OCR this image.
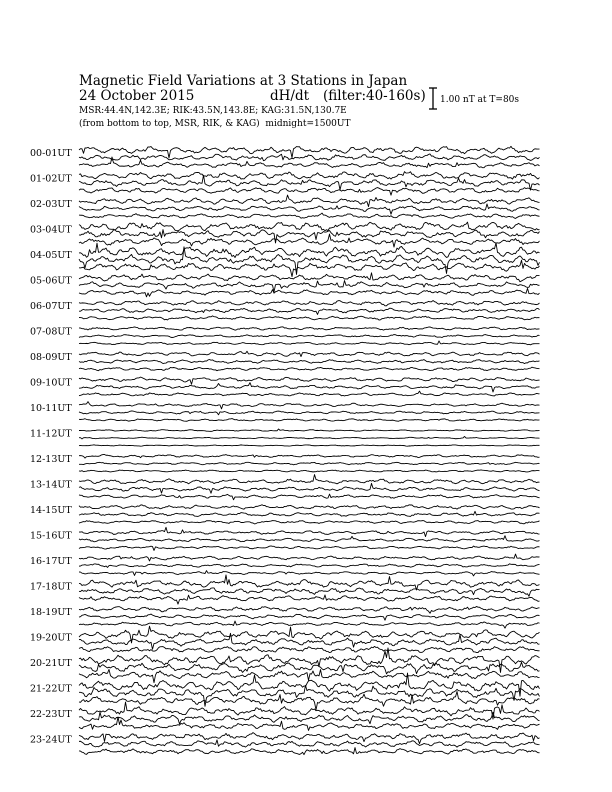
Magnetic Field Variations at 3 Stations in Japan
24 October 2015	dH/dt (filter:40-160s)
MSR:44.4N,142.3E; RIK:43.5N,143.8E; KAG:31.5N,130.7E
(from bottom to top, MSR, RIK, & KAG) midnight=1500UT
1.00 nT at T=80s
00-01UT
01-02UT
02-03UT
03-04UT
04-05UT
05-06UT
06-07UT
07-08UT
08-09UT
09-10UT
10-11UT
11-12UT
12-13UT
13-14UT
14-15UT
15-16UT
16-17UT
17-18UT
18-19UT
19-20UT
20-21UT
21-22UT
22-23UT
23-24UT
